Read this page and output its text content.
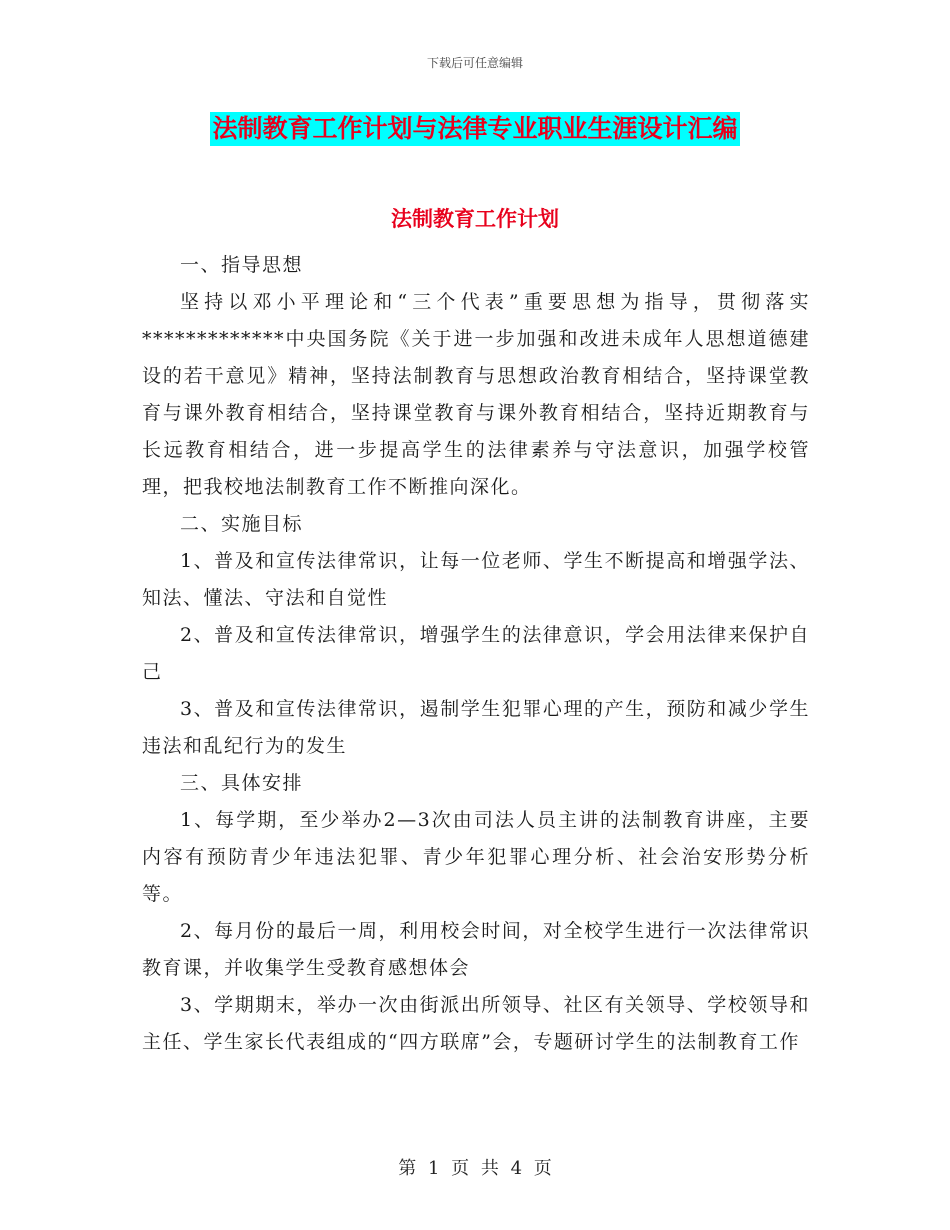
下载后可任意编辑
法制教育工作计划与法律专业职业生涯设计汇编
法制教育工作计划

一、指导思想

坚持以邓小平理论和“三个代表”重要思想为指导，贯彻落实*************中央国务院《关于进一步加强和改进未成年人思想道德建设的若干意见》精神，坚持法制教育与思想政治教育相结合，坚持课堂教育与课外教育相结合，坚持课堂教育与课外教育相结合，坚持近期教育与长远教育相结合，进一步提高学生的法律素养与守法意识，加强学校管理，把我校地法制教育工作不断推向深化。

二、实施目标

1、普及和宣传法律常识，让每一位老师、学生不断提高和增强学法、知法、懂法、守法和自觉性

2、普及和宣传法律常识，增强学生的法律意识，学会用法律来保护自己

3、普及和宣传法律常识，遏制学生犯罪心理的产生，预防和减少学生违法和乱纪行为的发生

三、具体安排

1、每学期，至少举办2—3次由司法人员主讲的法制教育讲座，主要内容有预防青少年违法犯罪、青少年犯罪心理分析、社会治安形势分析等。

2、每月份的最后一周，利用校会时间，对全校学生进行一次法律常识教育课，并收集学生受教育感想体会

3、学期期末，举办一次由街派出所领导、社区有关领导、学校领导和主任、学生家长代表组成的“四方联席”会，专题研讨学生的法制教育工作

第 1 页 共 4 页
